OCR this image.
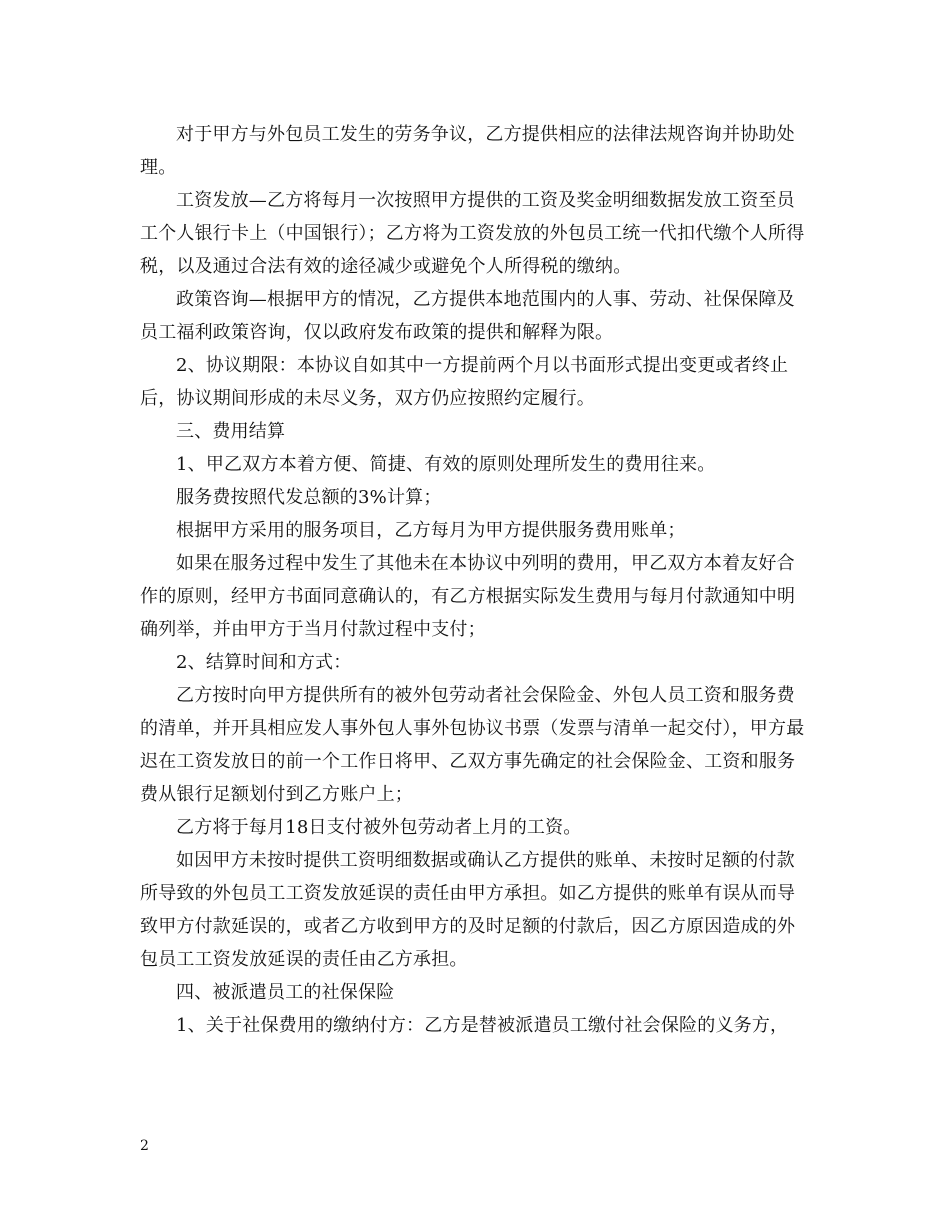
对于甲方与外包员工发生的劳务争议，乙方提供相应的法律法规咨询并协助处理。

工资发放—乙方将每月一次按照甲方提供的工资及奖金明细数据发放工资至员工个人银行卡上（中国银行）；乙方将为工资发放的外包员工统一代扣代缴个人所得税，以及通过合法有效的途径减少或避免个人所得税的缴纳。

政策咨询—根据甲方的情况，乙方提供本地范围内的人事、劳动、社保保障及员工福利政策咨询，仅以政府发布政策的提供和解释为限。

2、协议期限：本协议自如其中一方提前两个月以书面形式提出变更或者终止后，协议期间形成的未尽义务，双方仍应按照约定履行。

三、费用结算

1、甲乙双方本着方便、简捷、有效的原则处理所发生的费用往来。

服务费按照代发总额的3%计算；

根据甲方采用的服务项目，乙方每月为甲方提供服务费用账单；

如果在服务过程中发生了其他未在本协议中列明的费用，甲乙双方本着友好合作的原则，经甲方书面同意确认的，有乙方根据实际发生费用与每月付款通知中明确列举，并由甲方于当月付款过程中支付；

2、结算时间和方式：

乙方按时向甲方提供所有的被外包劳动者社会保险金、外包人员工资和服务费的清单，并开具相应发人事外包人事外包协议书票（发票与清单一起交付），甲方最迟在工资发放日的前一个工作日将甲、乙双方事先确定的社会保险金、工资和服务费从银行足额划付到乙方账户上；

乙方将于每月18日支付被外包劳动者上月的工资。

如因甲方未按时提供工资明细数据或确认乙方提供的账单、未按时足额的付款所导致的外包员工工资发放延误的责任由甲方承担。如乙方提供的账单有误从而导致甲方付款延误的，或者乙方收到甲方的及时足额的付款后，因乙方原因造成的外包员工工资发放延误的责任由乙方承担。

四、被派遣员工的社保保险

1、关于社保费用的缴纳付方：乙方是替被派遣员工缴付社会保险的义务方，

2
